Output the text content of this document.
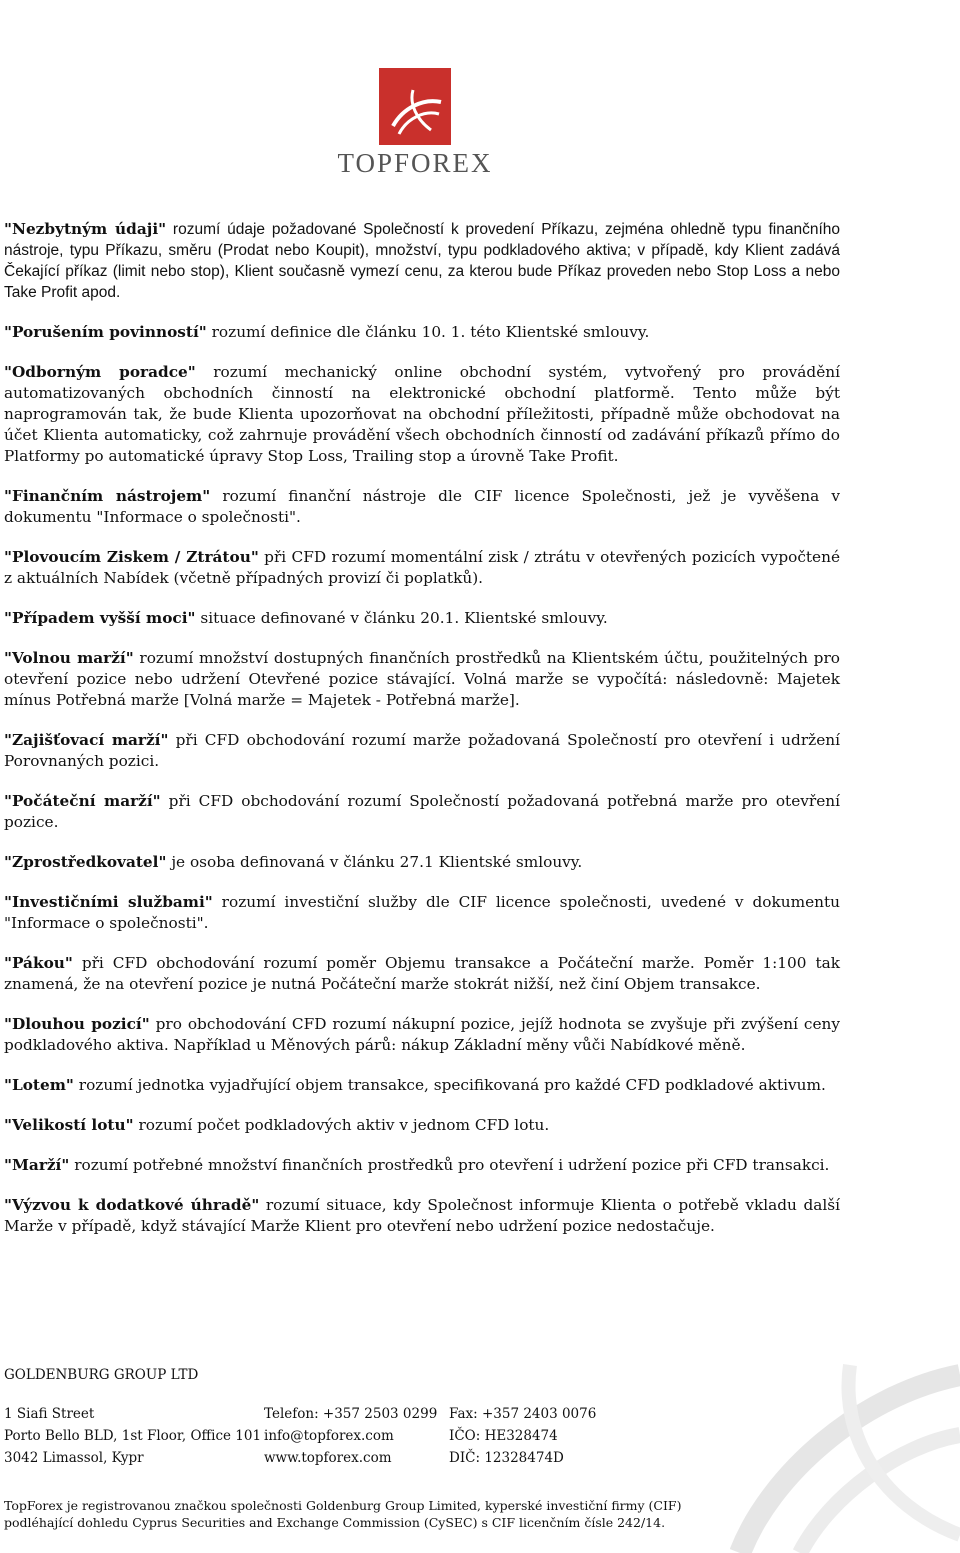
TOPFOREX

"Nezbytným údaji" rozumí údaje požadované Společností k provedení Příkazu, zejména ohledně typu finančního nástroje, typu Příkazu, směru (Prodat nebo Koupit), množství, typu podkladového aktiva; v případě, kdy Klient zadává Čekající příkaz (limit nebo stop), Klient současně vymezí cenu, za kterou bude Příkaz proveden nebo Stop Loss a nebo Take Profit apod.

"Porušením povinností" rozumí definice dle článku 10. 1. této Klientské smlouvy.

"Odborným poradce" rozumí mechanický online obchodní systém, vytvořený pro provádění automatizovaných obchodních činností na elektronické obchodní platformě. Tento může být naprogramován tak, že bude Klienta upozorňovat na obchodní příležitosti, případně může obchodovat na účet Klienta automaticky, což zahrnuje provádění všech obchodních činností od zadávání příkazů přímo do Platformy po automatické úpravy Stop Loss, Trailing stop a úrovně Take Profit.

"Finančním nástrojem" rozumí finanční nástroje dle CIF licence Společnosti, jež je vyvěšena v dokumentu "Informace o společnosti".

"Plovoucím Ziskem / Ztrátou" při CFD rozumí momentální zisk / ztrátu v otevřených pozicích vypočtené z aktuálních Nabídek (včetně případných provizí či poplatků).

"Případem vyšší moci" situace definované v článku 20.1. Klientské smlouvy.

"Volnou marží" rozumí množství dostupných finančních prostředků na Klientském účtu, použitelných pro otevření pozice nebo udržení Otevřené pozice stávající. Volná marže se vypočítá: následovně: Majetek mínus Potřebná marže [Volná marže = Majetek - Potřebná marže].

"Zajišťovací marží" při CFD obchodování rozumí marže požadovaná Společností pro otevření i udržení Porovnaných pozici.

"Počáteční marží" při CFD obchodování rozumí Společností požadovaná potřebná marže pro otevření pozice.

"Zprostředkovatel" je osoba definovaná v článku 27.1 Klientské smlouvy.

"Investičními službami" rozumí investiční služby dle CIF licence společnosti, uvedené v dokumentu "Informace o společnosti".

"Pákou" při CFD obchodování rozumí poměr Objemu transakce a Počáteční marže. Poměr 1:100 tak znamená, že na otevření pozice je nutná Počáteční marže stokrát nižší, než činí Objem transakce.

"Dlouhou pozicí" pro obchodování CFD rozumí nákupní pozice, jejíž hodnota se zvyšuje při zvýšení ceny podkladového aktiva. Například u Měnových párů: nákup Základní měny vůči Nabídkové měně.

"Lotem" rozumí jednotka vyjadřující objem transakce, specifikovaná pro každé CFD podkladové aktivum.

"Velikostí lotu" rozumí počet podkladových aktiv v jednom CFD lotu.

"Marží" rozumí potřebné množství finančních prostředků pro otevření i udržení pozice při CFD transakci.

"Výzvou k dodatkové úhradě" rozumí situace, kdy Společnost informuje Klienta o potřebě vkladu další Marže v případě, když stávající Marže Klient pro otevření nebo udržení pozice nedostačuje.

GOLDENBURG GROUP LTD
1 Siafi Street
Porto Bello BLD, 1st Floor, Office 101
3042 Limassol, Kypr
Telefon: +357 2503 0299
info@topforex.com
www.topforex.com
Fax: +357 2403 0076
IČO: HE328474
DIČ: 12328474D
TopForex je registrovanou značkou společnosti Goldenburg Group Limited, kyperské investiční firmy (CIF) podléhající dohledu Cyprus Securities and Exchange Commission (CySEC) s CIF licenčním čísle 242/14.
